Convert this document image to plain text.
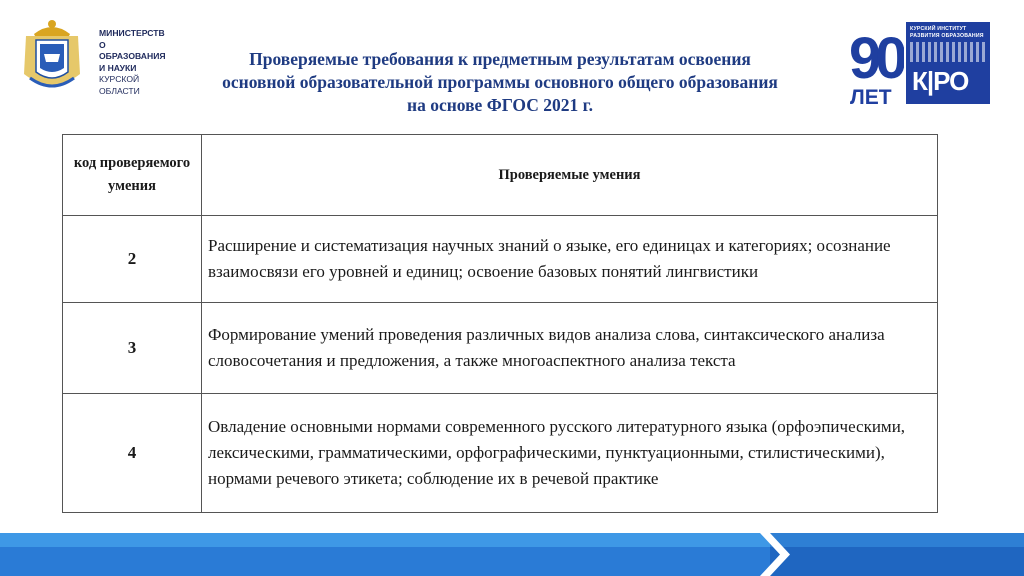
МИНИСТЕРСТВ
О
ОБРАЗОВАНИЯ
И НАУКИ
КУРСКОЙ
ОБЛАСТИ
Проверяемые требования к предметным результатам освоения
основной образовательной программы основного общего образования
на основе ФГОС 2021 г.
90
ЛЕТ
КУРСКИЙ ИНСТИТУТ РАЗВИТИЯ ОБРАЗОВАНИЯ
К|РО
код проверяемого умения	Проверяемые умения
2	Расширение и систематизация научных знаний о языке, его единицах и категориях; осознание взаимосвязи его уровней и единиц; освоение базовых понятий лингвистики
3	Формирование умений проведения различных видов анализа слова, синтаксического анализа словосочетания и предложения, а также многоаспектного анализа текста
4	Овладение основными нормами современного русского литературного языка (орфоэпическими, лексическими, грамматическими, орфографическими, пунктуационными, стилистическими), нормами речевого этикета; соблюдение их в речевой практике
